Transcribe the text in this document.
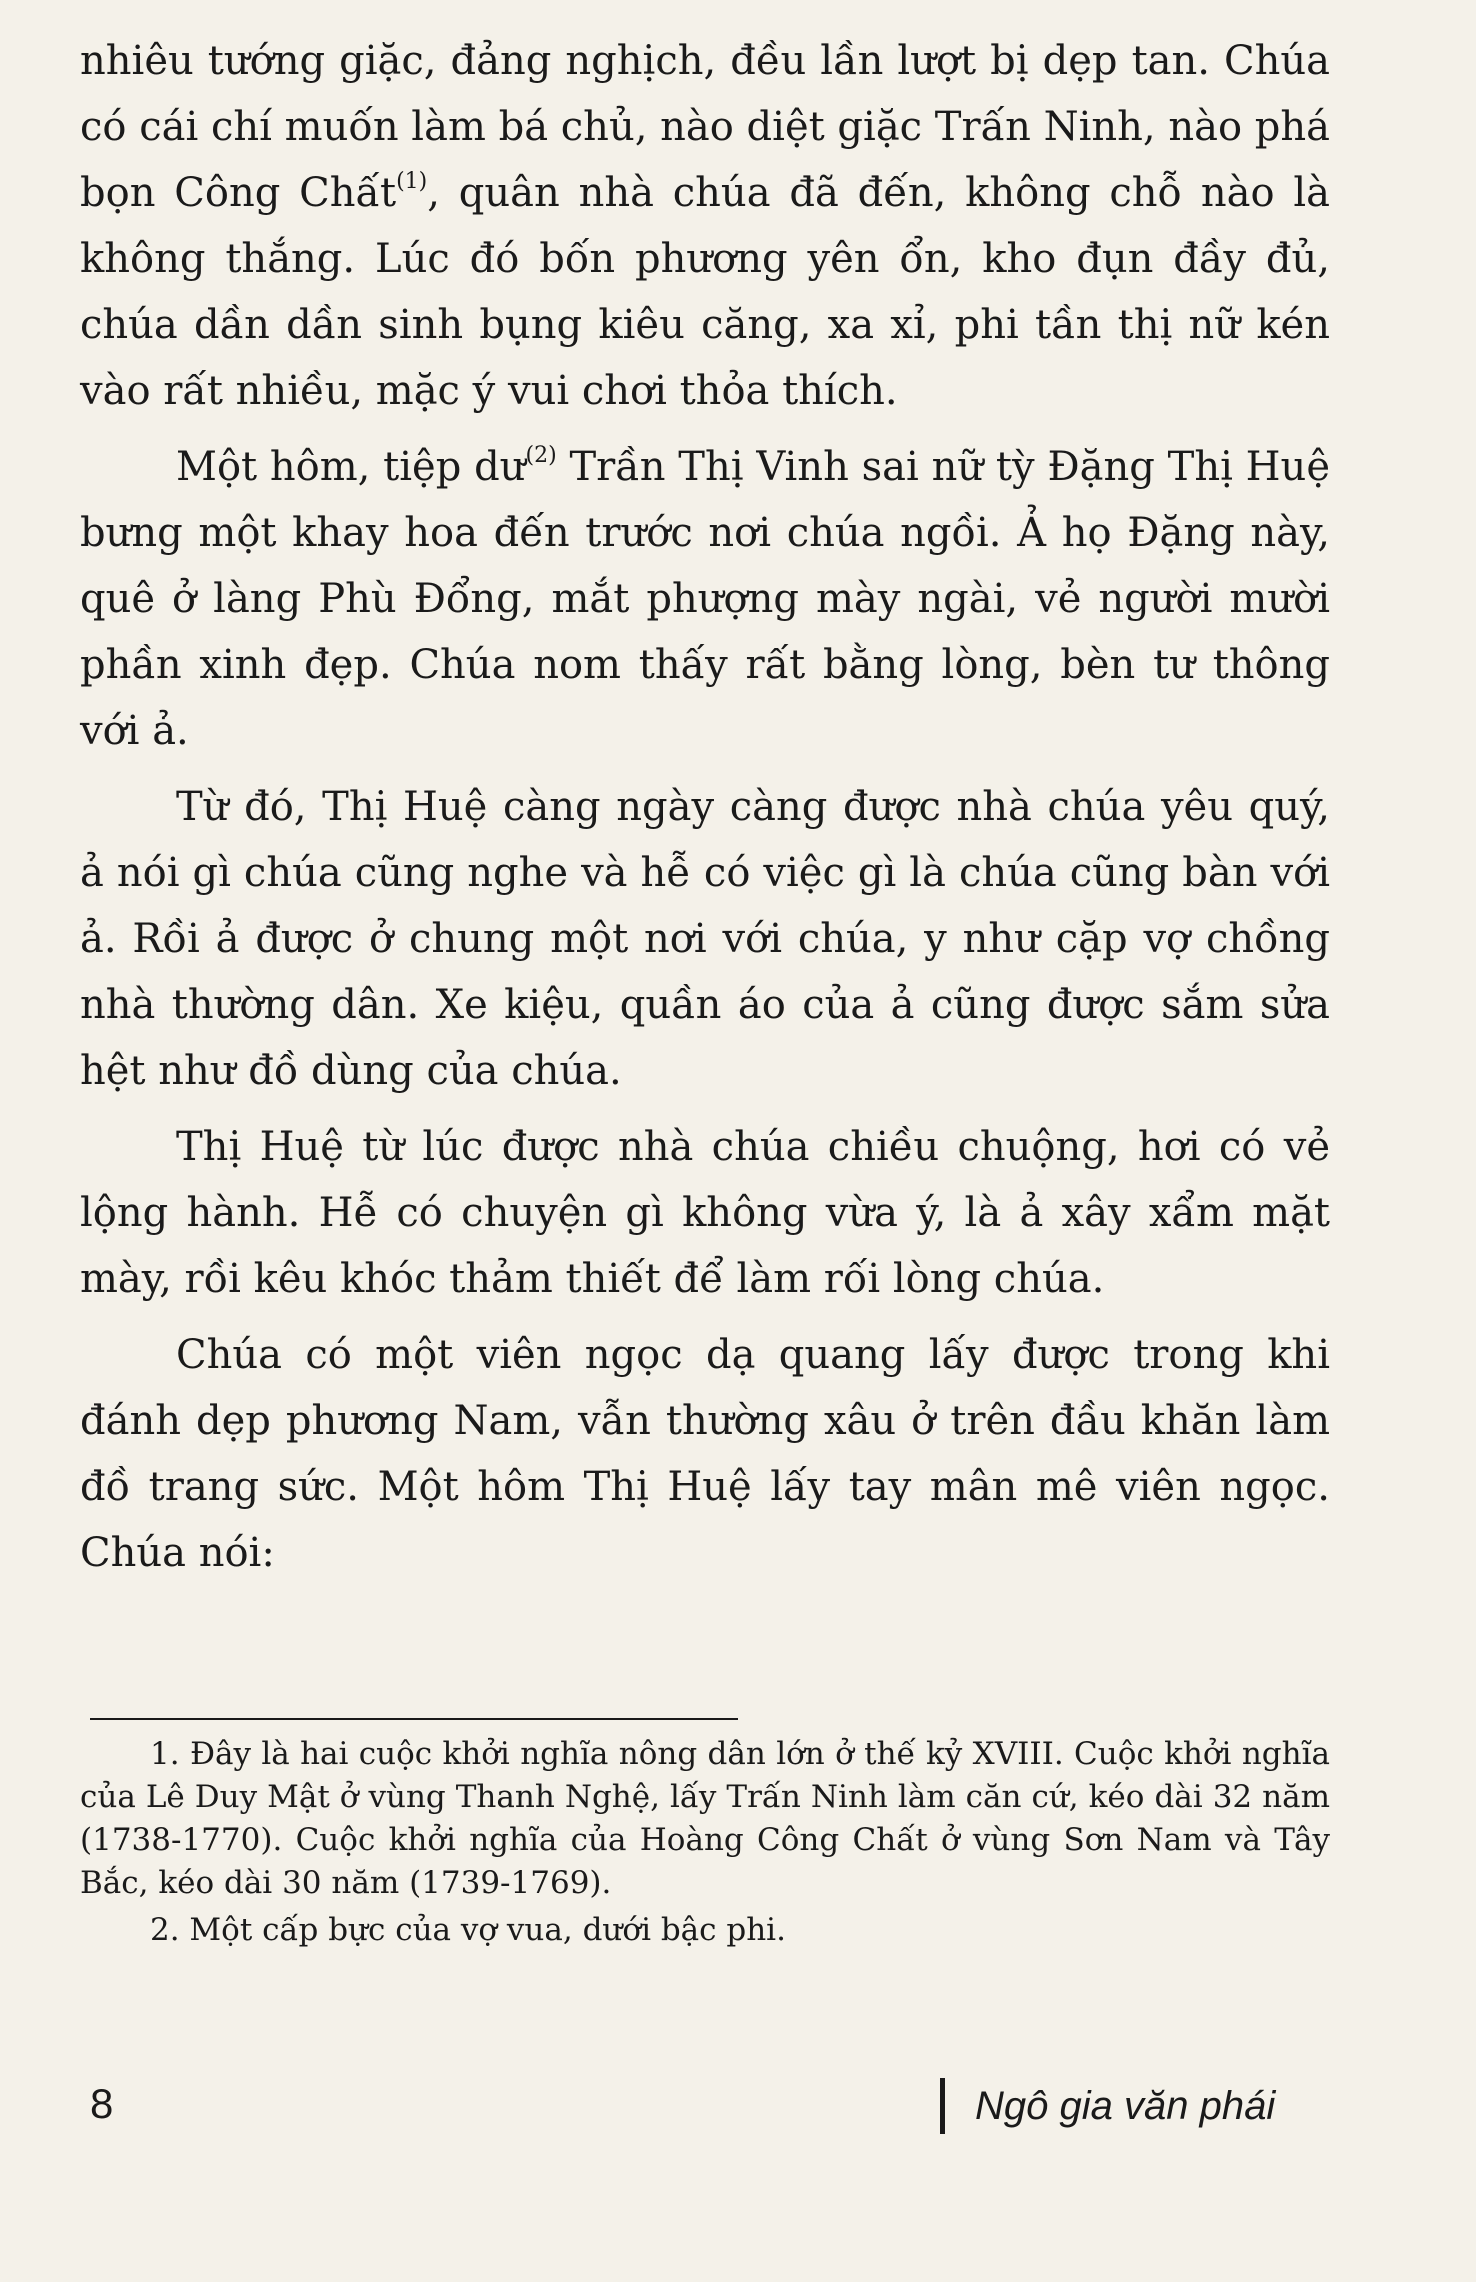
nhiêu tướng giặc, đảng nghịch, đều lần lượt bị dẹp tan. Chúa có cái chí muốn làm bá chủ, nào diệt giặc Trấn Ninh, nào phá bọn Công Chất$^{(1)}$, quân nhà chúa đã đến, không chỗ nào là không thắng. Lúc đó bốn phương yên ổn, kho đụn đầy đủ, chúa dần dần sinh bụng kiêu căng, xa xỉ, phi tần thị nữ kén vào rất nhiều, mặc ý vui chơi thỏa thích.

Một hôm, tiệp $dư^{(2)}$ Trần Thị Vinh sai nữ tỳ Đặng Thị Huệ bưng một khay hoa đến trước nơi chúa ngồi. Ả họ Đặng này, quê ở làng Phù Đổng, mắt phượng mày ngài, vẻ người mười phần xinh đẹp. Chúa nom thấy rất bằng lòng, bèn tư thông với ả.

Từ đó, Thị Huệ càng ngày càng được nhà chúa yêu quý, ả nói gì chúa cũng nghe và hễ có việc gì là chúa cũng bàn với ả. Rồi ả được ở chung một nơi với chúa, y như cặp vợ chồng nhà thường dân. Xe kiệu, quần áo của ả cũng được sắm sửa hệt như đồ dùng của chúa.

Thị Huệ từ lúc được nhà chúa chiều chuộng, hơi có vẻ lộng hành. Hễ có chuyện gì không vừa ý, là ả xây xẩm mặt mày, rồi kêu khóc thảm thiết để làm rối lòng chúa.

Chúa có một viên ngọc dạ quang lấy được trong khi đánh dẹp phương Nam, vẫn thường xâu ở trên đầu khăn làm đồ trang sức. Một hôm Thị Huệ lấy tay mân mê viên ngọc. Chúa nói:

1. Đây là hai cuộc khởi nghĩa nông dân lớn ở thế kỷ XVIII. Cuộc khởi nghĩa của Lê Duy Mật ở vùng Thanh Nghệ, lấy Trấn Ninh làm căn cứ, kéo dài 32 năm (1738-1770). Cuộc khởi nghĩa của Hoàng Công Chất ở vùng Sơn Nam và Tây Bắc, kéo dài 30 năm (1739-1769).

2. Một cấp bực của vợ vua, dưới bậc phi.

8	Ngô gia văn phái
